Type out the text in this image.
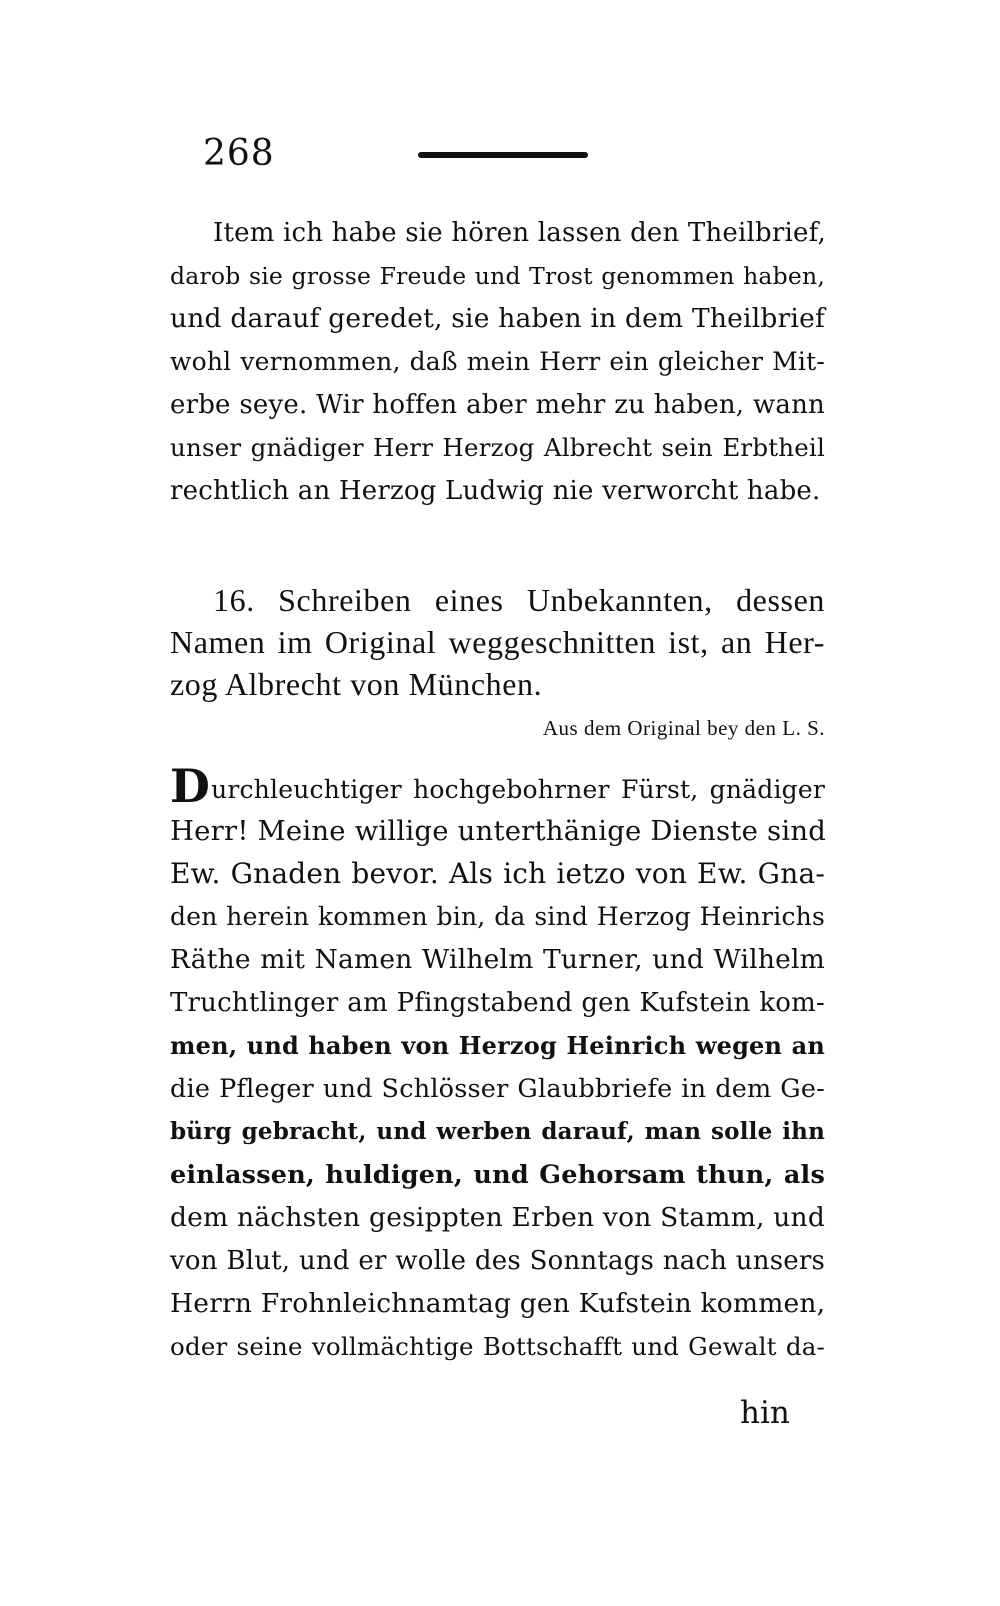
268
Item ich habe sie hören lassen den Theilbrief,
darob sie grosse Freude und Trost genommen haben,
und darauf geredet, sie haben in dem Theilbrief
wohl vernommen, daß mein Herr ein gleicher Mit-
erbe seye. Wir hoffen aber mehr zu haben, wann
unser gnädiger Herr Herzog Albrecht sein Erbtheil
rechtlich an Herzog Ludwig nie verworcht habe.
16. Schreiben eines Unbekannten, dessen
Namen im Original weggeschnitten ist, an Her-
zog Albrecht von München.
Aus dem Original bey den L. S.
Durchleuchtiger hochgebohrner Fürst, gnädiger
Herr! Meine willige unterthänige Dienste sind
Ew. Gnaden bevor. Als ich ietzo von Ew. Gna-
den herein kommen bin, da sind Herzog Heinrichs
Räthe mit Namen Wilhelm Turner, und Wilhelm
Truchtlinger am Pfingstabend gen Kufstein kom-
men, und haben von Herzog Heinrich wegen an
die Pfleger und Schlösser Glaubbriefe in dem Ge-
bürg gebracht, und werben darauf, man solle ihn
einlassen, huldigen, und Gehorsam thun, als
dem nächsten gesippten Erben von Stamm, und
von Blut, und er wolle des Sonntags nach unsers
Herrn Frohnleichnamtag gen Kufstein kommen,
oder seine vollmächtige Bottschafft und Gewalt da-
hin
